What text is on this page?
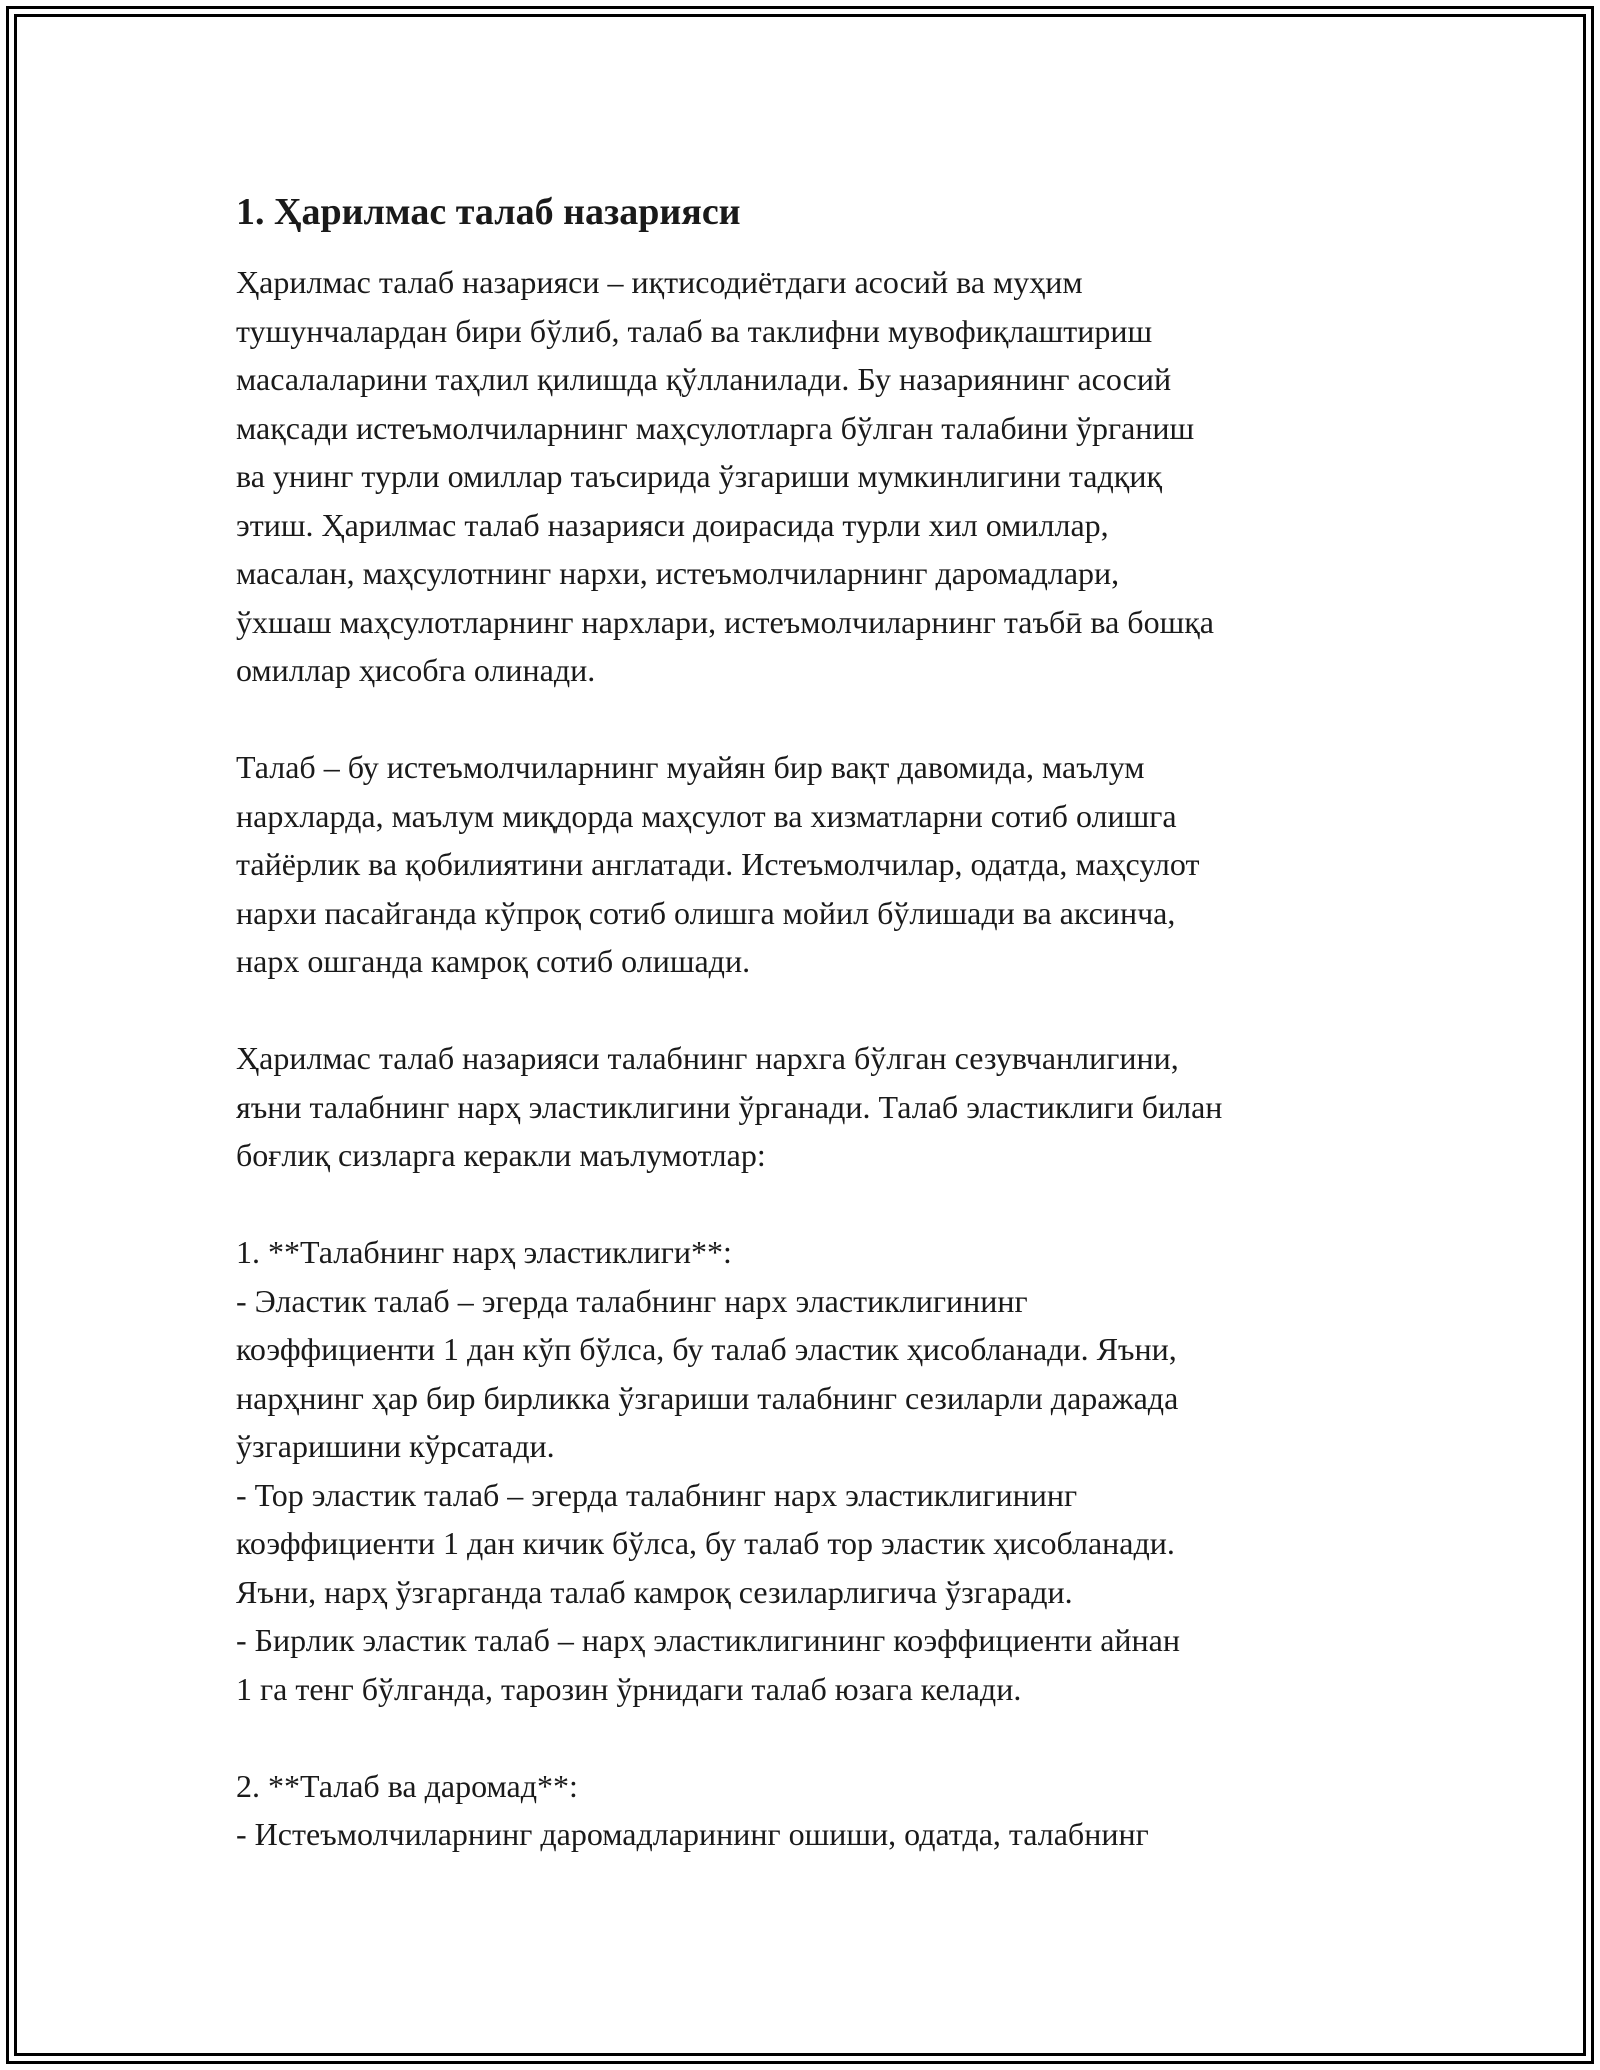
1. Ҳарилмас талаб назарияси

Ҳарилмас талаб назарияси – иқтисодиётдаги асосий ва муҳим
тушунчалардан бири бўлиб, талаб ва таклифни мувофиқлаштириш
масалаларини таҳлил қилишда қўлланилади. Бу назариянинг асосий
мақсади истеъмолчиларнинг маҳсулотларга бўлган талабини ўрганиш
ва унинг турли омиллар таъсирида ўзгариши мумкинлигини тадқиқ
этиш. Ҳарилмас талаб назарияси доирасида турли хил омиллар,
масалан, маҳсулотнинг нархи, истеъмолчиларнинг даромадлари,
ўхшаш маҳсулотларнинг нархлари, истеъмолчиларнинг таъбӣ ва бошқа
омиллар ҳисобга олинади.

Талаб – бу истеъмолчиларнинг муайян бир вақт давомида, маълум
нархларда, маълум миқдорда маҳсулот ва хизматларни сотиб олишга
тайёрлик ва қобилиятини англатади. Истеъмолчилар, одатда, маҳсулот
нархи пасайганда кўпроқ сотиб олишга мойил бўлишади ва аксинча,
нарх ошганда камроқ сотиб олишади.

Ҳарилмас талаб назарияси талабнинг нархга бўлган сезувчанлигини,
яъни талабнинг нарҳ эластиклигини ўрганади. Талаб эластиклиги билан
боғлиқ сизларга керакли маълумотлар:

1. **Талабнинг нарҳ эластиклиги**:
- Эластик талаб – эгерда талабнинг нарх эластиклигининг
коэффициенти 1 дан кўп бўлса, бу талаб эластик ҳисобланади. Яъни,
нарҳнинг ҳар бир бирликка ўзгариши талабнинг сезиларли даражада
ўзгаришини кўрсатади.
- Тор эластик талаб – эгерда талабнинг нарх эластиклигининг
коэффициенти 1 дан кичик бўлса, бу талаб тор эластик ҳисобланади.
Яъни, нарҳ ўзгарганда талаб камроқ сезиларлигича ўзгаради.
- Бирлик эластик талаб – нарҳ эластиклигининг коэффициенти айнан
1 га тенг бўлганда, тарозин ўрнидаги талаб юзага келади.

2. **Талаб ва даромад**:
- Истеъмолчиларнинг даромадларининг ошиши, одатда, талабнинг
